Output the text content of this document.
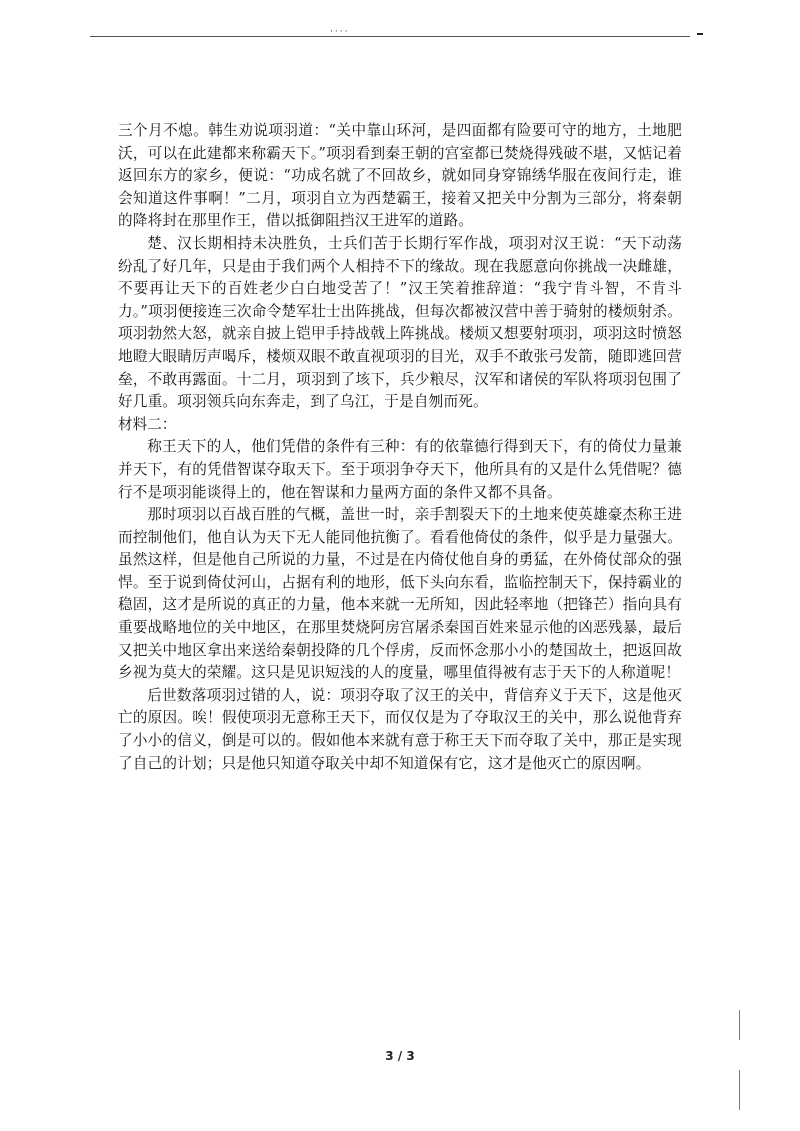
····

三个月不熄。韩生劝说项羽道：“关中靠山环河，是四面都有险要可守的地方，土地肥沃，可以在此建都来称霸天下。”项羽看到秦王朝的宫室都已焚烧得残破不堪，又惦记着返回东方的家乡，便说：“功成名就了不回故乡，就如同身穿锦绣华服在夜间行走，谁会知道这件事啊！”二月，项羽自立为西楚霸王，接着又把关中分割为三部分，将秦朝的降将封在那里作王，借以抵御阻挡汉王进军的道路。

楚、汉长期相持未决胜负，士兵们苦于长期行军作战，项羽对汉王说：“天下动荡纷乱了好几年，只是由于我们两个人相持不下的缘故。现在我愿意向你挑战一决雌雄，不要再让天下的百姓老少白白地受苦了！”汉王笑着推辞道：“我宁肯斗智，不肯斗力。”项羽便接连三次命令楚军壮士出阵挑战，但每次都被汉营中善于骑射的楼烦射杀。项羽勃然大怒，就亲自披上铠甲手持战戟上阵挑战。楼烦又想要射项羽，项羽这时愤怒地瞪大眼睛厉声喝斥，楼烦双眼不敢直视项羽的目光，双手不敢张弓发箭，随即逃回营垒，不敢再露面。十二月，项羽到了垓下，兵少粮尽，汉军和诸侯的军队将项羽包围了好几重。项羽领兵向东奔走，到了乌江，于是自刎而死。

材料二：

称王天下的人，他们凭借的条件有三种：有的依靠德行得到天下，有的倚仗力量兼并天下，有的凭借智谋夺取天下。至于项羽争夺天下，他所具有的又是什么凭借呢？德行不是项羽能谈得上的，他在智谋和力量两方面的条件又都不具备。

那时项羽以百战百胜的气概，盖世一时，亲手割裂天下的土地来使英雄豪杰称王进而控制他们，他自认为天下无人能同他抗衡了。看看他倚仗的条件，似乎是力量强大。虽然这样，但是他自己所说的力量，不过是在内倚仗他自身的勇猛，在外倚仗部众的强悍。至于说到倚仗河山，占据有利的地形，低下头向东看，监临控制天下，保持霸业的稳固，这才是所说的真正的力量，他本来就一无所知，因此轻率地（把锋芒）指向具有重要战略地位的关中地区，在那里焚烧阿房宫屠杀秦国百姓来显示他的凶恶残暴，最后又把关中地区拿出来送给秦朝投降的几个俘虏，反而怀念那小小的楚国故土，把返回故乡视为莫大的荣耀。这只是见识短浅的人的度量，哪里值得被有志于天下的人称道呢！

后世数落项羽过错的人，说：项羽夺取了汉王的关中，背信弃义于天下，这是他灭亡的原因。唉！假使项羽无意称王天下，而仅仅是为了夺取汉王的关中，那么说他背弃了小小的信义，倒是可以的。假如他本来就有意于称王天下而夺取了关中，那正是实现了自己的计划；只是他只知道夺取关中却不知道保有它，这才是他灭亡的原因啊。

3 / 3
